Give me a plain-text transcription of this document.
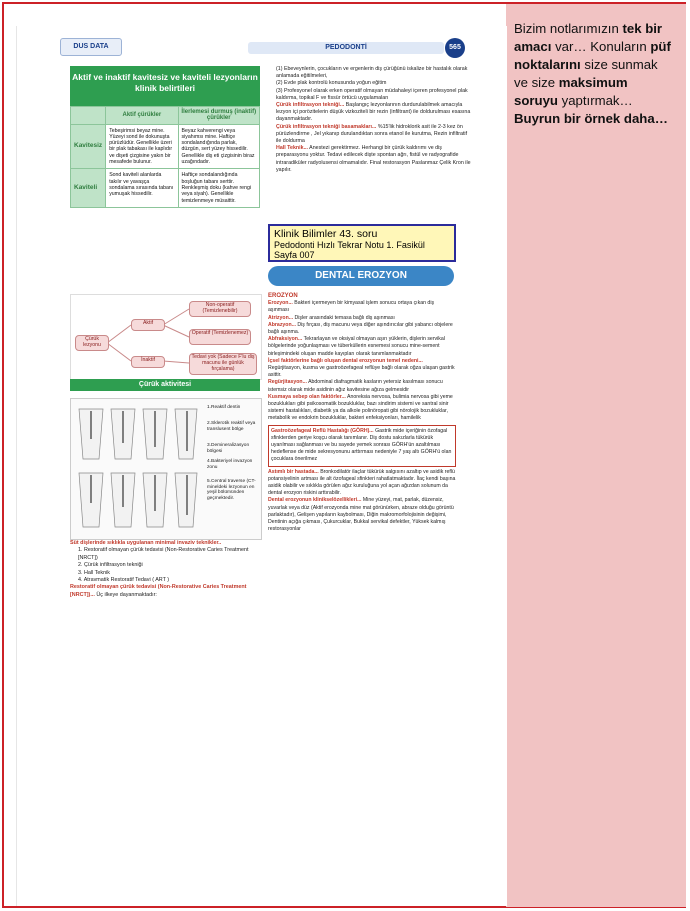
Bizim notlarımızın tek bir amacı var… Konuların püf noktalarını size sunmak ve size maksimum soruyu yaptırmak…Buyrun bir örnek daha…
DUS DATA	PEDODONTİ	565
Aktif ve inaktif kavitesiz ve kaviteli lezyonların klinik belirtileri
	Aktif çürükler	İlerlemesi durmuş (inaktif) çürükler
Kavitesiz	Tebeşirimsi beyaz mine. Yüzeyi sond ile dokunuşta pürüzlüdür. Genellikle üzeri bir plak tabakası ile kaplıdır ve dişeti çizgisine yakın bir mesafede bulunur.	Beyaz kahverengi veya siyahımsı mine. Haftiçe sondalandığında parlak, düzgün, sert yüzey hissedilir. Genellikle diş eti çizgisinin biraz uzağındadır.
Kaviteli	Sond kaviteli alanlarda takılır ve yavaşça sondalama sırasında tabanı yumuşak hissedilir.	Haftiçe sondalandığında boşluğun tabanı serttir. Renkleşmiş doku (kahve rengi veya siyah). Genellikle temizlenmeye müsaittir.
Çürük lezyonu
Aktif
İnaktif
Non-operatif (Temizlenebilir)
Operatif (Temizlenemez)
Tedavi yok (Sadece F'lu diş macunu ile günlük fırçalama)
Çürük aktivitesi
1.Reaktif dentin
2.Sklerotik reaktif veya translusent bölge
3.Demineralizasyon bölgesi
4.Bakteriyel invazyon zonu
5.Central traverse (CT-mineldeki lezyonun en yeşil bölümünden geçmektedir.
Süt dişlerinde sıklıkla uygulanan minimal invaziv teknikler..
1. Restoratif olmayan çürük tedavisi (Non-Restorative Caries Treatment [NRCT])
2. Çürük infiltrasyon tekniği
3. Hall Teknik
4. Atravmatik Restoratif Tedavi ( ART )
Restoratif olmayan çürük tedavisi (Non-Restorative Caries Treatment [NRCT])... Üç ilkeye dayanmaktadır:
(1) Ebeveynlerin, çocukların ve ergenlerin diş çürüğünü iskalize bir hastalık olarak anlamada eğitilmeleri,
(2) Evde plak kontrolü konusunda yoğun eğitim
(3) Profesyonel olarak erken operatif olmayan müdahaleyi içeren profesyonel plak kaldırma, topikal F ve fissür örtücü uygulamaları
Çürük infiltrasyon tekniği... Başlangıç lezyonlarının durdurulabilmek amacıyla lezyon içi porözitelerin düşük vizkoziteli bir rezin (infiltrant) ile doldurulması esasına dayanmaktadır.
Çürük infiltrasyon tekniği basamakları... %15'lik hidroklorik asit ile 2-3 kez ön pürüzlendirme , Jel yıkanıp durulandıktan sonra etanol ile kurutma, Rezin infiltratif ile doldurma
Hall Teknik... Anestezi gerektirmez. Herhangi bir çürük kaldırımı ve diş preparasyonu yoktur. Tedavi edilecek dişte spontan ağrı, fistül ve radyografide intraradiküler radyolusensi olmamalıdır. Final restorasyon Paslanmaz Çelik Kron ile yapılır.
Klinik Bilimler 43. soru
Pedodonti Hızlı Tekrar Notu 1. Fasikül
Sayfa 007
DENTAL EROZYON
EROZYON
Erozyon... Bakteri içermeyen bir kimyasal işlem sonucu ortaya çıkan diş aşınması
Atrizyon... Dişler arasındaki temasa bağlı diş aşınması
Abrazyon... Diş fırçası, diş macunu veya diğer aşındırıcılar gibi yabancı objelere bağlı aşınma.
Abfraksiyon... Tekrarlayan ve oksiyal olmayan aşırı yüklerin, dişlerin servikal bölgelerinde yoğunlaşması ve tüberküllerin esnemesi sonucu mine-sement birleşimindeki oluşan madde kayıpları olarak tanımlanmaktadır
İçsel faktörlerine bağlı oluşan dental erozyonun temel nedeni... Regürjitasyon, kusma ve gastroözefageal reflüye bağlı olarak oğza ulaşan gastrik asittir.
Regürjitasyon... Abdominal diafragmatik kasların yetersiz kasılması sonucu istemsiz olarak mide asidinin ağız kavitesine ağıza gelmesidir
Kusmaya sebep olan faktörler... Anoreksia nervosa, bulimia nervosa gibi yeme bozuklukları gibi psikosomatik bozukluklar, bazı sindirim sistemi ve santral sinir sistemi hastalıkları, diabetik ya da alkole polinöropati gibi nörolojik bozukluklar, metabolik ve endokrin bozukluklar, bakteri enfeksiyonları, hamilelik
Gastroözefageal Reflü Hastalığı (GÖRH)... Gastrik mide içeriğinin özofagal sfinkterden geriye koşçu olarak tanımlanır. Diş dostu sakızlarla tükürük uyarılması sağlanması ve bu sayede yemek sonrası GÖRH'ün azaltılması hedeflense de mide sekresyonunu arttırması nedeniyle 7 yaş altı GÖRH'ü olan çocuklara önerilmez
Astımlı bir hastada... Bronkodilatör ilaçlar tükürük salgısını azaltıp ve asidik reflü potansiyelinin artması ile alt özofageal sfinkteri rahatlatmaktadır. İlaç kendi başına asidik olabilir ve sıklıkla görülen ağız kuruluğuna yol açan ağızdan solunum da dental erozyon riskini arttırabilir.
Dental erozyonun klinikselözellikleri... Mine yüzeyi, mat, parlak, düzensiz, yuvarlak veya düz (Aktif erozyonda mine mat görünürken, abraze olduğu görüntü parlaktadır), Gelişen yapıların kaybolması, Diğin makromorfolojisinin değişimi, Dentinin açığa çıkması, Çukurcuklar, Bukkal servikal defektler, Yüksek kalmış restorasyonlar
